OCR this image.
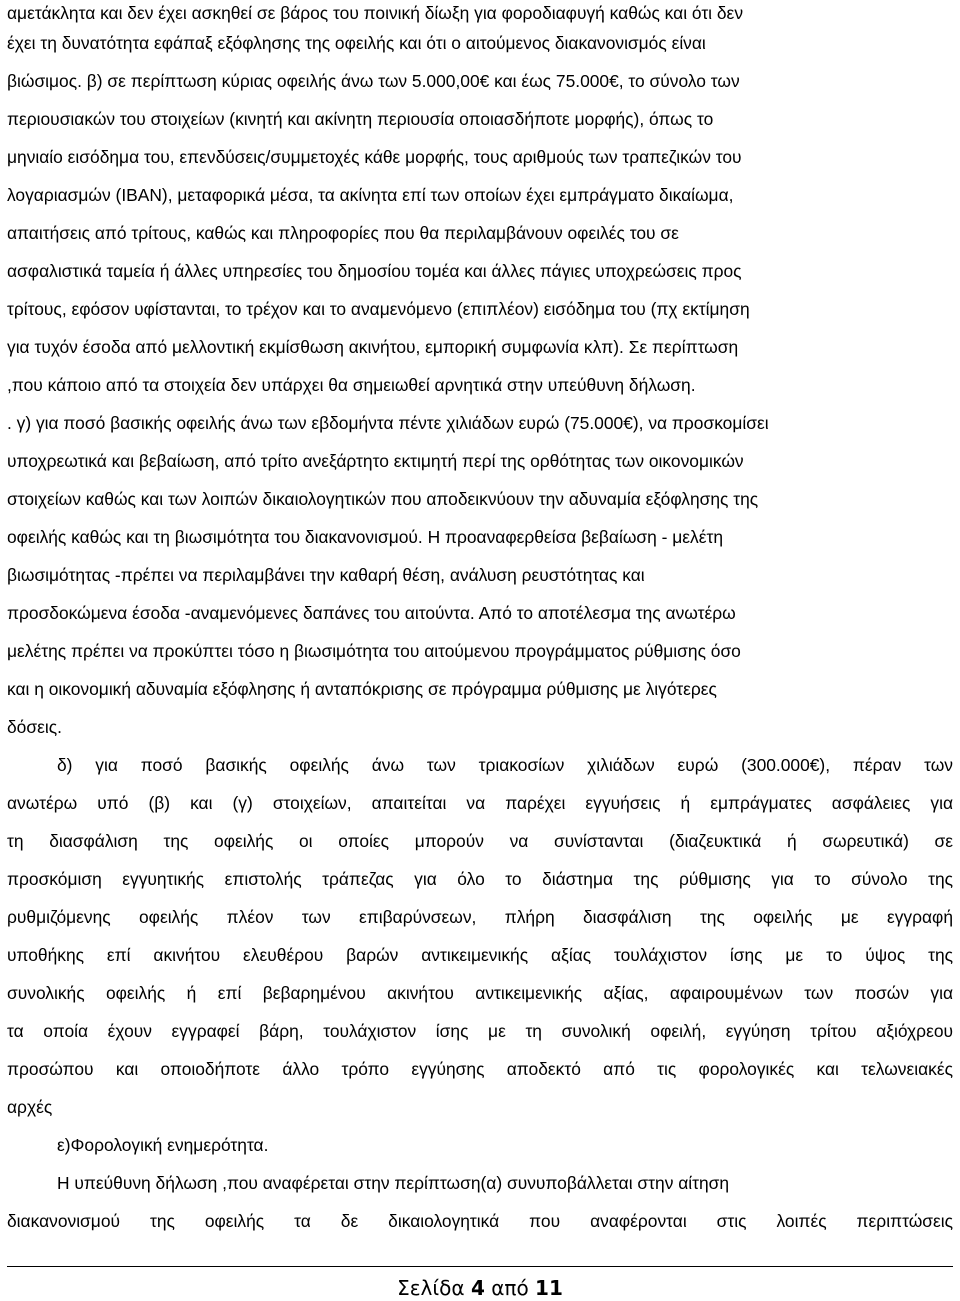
αμετάκλητα και δεν έχει ασκηθεί σε βάρος του ποινική δίωξη για φοροδιαφυγή καθώς και ότι δεν
έχει τη δυνατότητα εφάπαξ εξόφλησης της οφειλής και ότι ο αιτούμενος διακανονισμός είναι
βιώσιμος. β) σε περίπτωση κύριας οφειλής άνω των 5.000,00€ και έως 75.000€, το σύνολο των
περιουσιακών του στοιχείων (κινητή και ακίνητη περιουσία οποιασδήποτε μορφής), όπως το
μηνιαίο εισόδημα του, επενδύσεις/συμμετοχές κάθε μορφής, τους αριθμούς των τραπεζικών του
λογαριασμών (IBAN), μεταφορικά μέσα, τα ακίνητα επί των οποίων έχει εμπράγματο δικαίωμα,
απαιτήσεις από τρίτους, καθώς και πληροφορίες που θα περιλαμβάνουν οφειλές του σε
ασφαλιστικά ταμεία ή άλλες υπηρεσίες του δημοσίου τομέα και άλλες πάγιες υποχρεώσεις προς
τρίτους, εφόσον υφίστανται, το τρέχον και το αναμενόμενο (επιπλέον) εισόδημα του (πχ εκτίμηση
για τυχόν έσοδα από μελλοντική εκμίσθωση ακινήτου, εμπορική συμφωνία κλπ). Σε περίπτωση
,που κάποιο από τα στοιχεία δεν υπάρχει θα σημειωθεί αρνητικά στην υπεύθυνη δήλωση.
. γ) για ποσό βασικής οφειλής άνω των εβδομήντα πέντε χιλιάδων ευρώ (75.000€), να προσκομίσει
υποχρεωτικά και βεβαίωση, από τρίτο ανεξάρτητο εκτιμητή περί της ορθότητας των οικονομικών
στοιχείων καθώς και των λοιπών δικαιολογητικών που αποδεικνύουν την αδυναμία εξόφλησης της
οφειλής καθώς και τη βιωσιμότητα του διακανονισμού. Η προαναφερθείσα βεβαίωση - μελέτη
βιωσιμότητας -πρέπει να περιλαμβάνει την καθαρή θέση, ανάλυση ρευστότητας και
προσδοκώμενα έσοδα -αναμενόμενες δαπάνες του αιτούντα. Από το αποτέλεσμα της ανωτέρω
μελέτης πρέπει να προκύπτει τόσο η βιωσιμότητα του αιτούμενου προγράμματος ρύθμισης όσο
και η οικονομική αδυναμία εξόφλησης ή ανταπόκρισης σε πρόγραμμα ρύθμισης με λιγότερες
δόσεις.
δ) για ποσό βασικής οφειλής άνω των τριακοσίων χιλιάδων ευρώ (300.000€), πέραν των
ανωτέρω υπό (β) και (γ) στοιχείων, απαιτείται να παρέχει εγγυήσεις ή εμπράγματες ασφάλειες για
τη διασφάλιση της οφειλής οι οποίες μπορούν να συνίστανται (διαζευκτικά ή σωρευτικά) σε
προσκόμιση εγγυητικής επιστολής τράπεζας για όλο το διάστημα της ρύθμισης για το σύνολο της
ρυθμιζόμενης οφειλής πλέον των επιβαρύνσεων, πλήρη διασφάλιση της οφειλής με εγγραφή
υποθήκης επί ακινήτου ελευθέρου βαρών αντικειμενικής αξίας τουλάχιστον ίσης με το ύψος της
συνολικής οφειλής ή επί βεβαρημένου ακινήτου αντικειμενικής αξίας, αφαιρουμένων των ποσών για
τα οποία έχουν εγγραφεί βάρη, τουλάχιστον ίσης με τη συνολική οφειλή, εγγύηση τρίτου αξιόχρεου
προσώπου και οποιοδήποτε άλλο τρόπο εγγύησης αποδεκτό από τις φορολογικές και τελωνειακές
αρχές
ε)Φορολογική ενημερότητα.
Η υπεύθυνη δήλωση ,που αναφέρεται στην περίπτωση(α) συνυποβάλλεται στην αίτηση
διακανονισμού της οφειλής τα δε δικαιολογητικά που αναφέρονται στις λοιπές περιπτώσεις
Σελίδα 4 από 11
